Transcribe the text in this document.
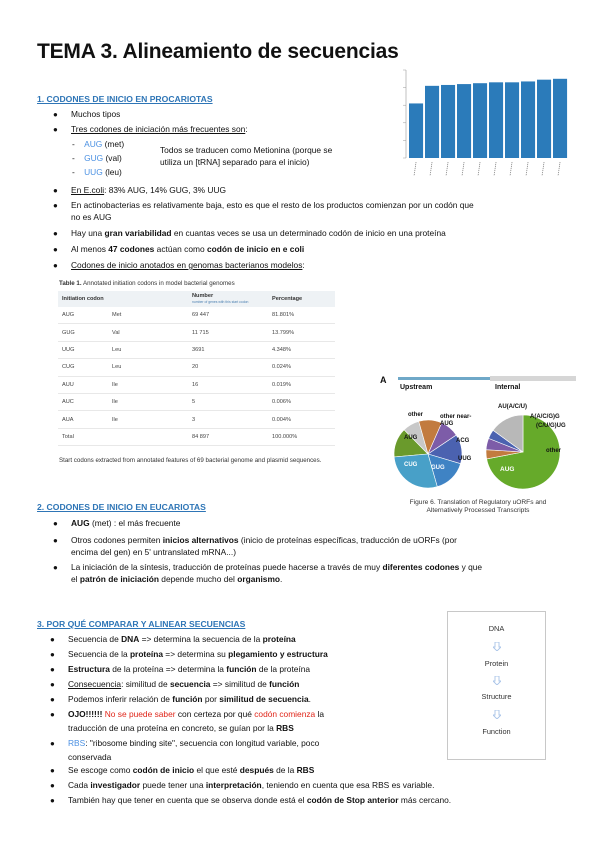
TEMA 3. Alineamiento de secuencias
1. CODONES DE INICIO EN PROCARIOTAS
● Muchos tipos
● Tres codones de iniciación más frecuentes son:
-    AUG (met)
-    GUG (val)
-    UUG (leu)
Todos se traducen como Metionina (porque se
utiliza un [tRNA] separado para el inicio)
● En E.coli: 83% AUG, 14% GUG, 3% UUG
● En actinobacterias es relativamente baja, esto es que el resto de los productos comienzan por un codón que
no es AUG
● Hay una gran variabilidad en cuantas veces se usa un determinado codón de inicio en una proteína
● Al menos 47 codones actúan como codón de inicio en e coli
● Codones de inicio anotados en genomas bacterianos modelos:
Table 1. Annotated initiation codons in model bacterial genomes
Initiation codon		Number
number of genes with this start codon	Percentage
AUG	Met	69 447	81.801%
GUG	Val	11 715	13.799%
UUG	Leu	3691	4.348%
CUG	Leu	20	0.024%
AUU	Ile	16	0.019%
AUC	Ile	5	0.006%
AUA	Ile	3	0.004%
Total		84 897	100.000%
Start codons extracted from annotated features of 69 bacterial genome and plasmid sequences.
A
Upstream	Internal
other	other near-AUG
ACG
UUG
AUG
CUG GUG
AU(A/C/U)
A(A/C/G)G
(C/U/G)UG
other
AUG
Figure 6. Translation of Regulatory uORFs and
Alternatively Processed Transcripts
2. CODONES DE INICIO EN EUCARIOTAS
● AUG (met) : el más frecuente
● Otros codones permiten inicios alternativos (inicio de proteínas específicas, traducción de uORFs (por
encima del gen) en 5' untranslated mRNA...)
● La iniciación de la síntesis, traducción de proteínas puede hacerse a través de muy diferentes codones y que
el patrón de iniciación depende mucho del organismo.
3. POR QUÉ COMPARAR Y ALINEAR SECUENCIAS
● Secuencia de DNA => determina la secuencia de la proteína
● Secuencia de la proteína => determina su plegamiento y estructura
● Estructura de la proteína => determina la función de la proteína
● Consecuencia: similitud de secuencia => similitud de función
● Podemos inferir relación de función por similitud de secuencia.
● OJO!!!!!! No se puede saber con certeza por qué codón comienza la
traducción de una proteína en concreto, se guían por la RBS
● RBS: "ribosome binding site", secuencia con longitud variable, poco
conservada
● Se escoge como codón de inicio el que esté después de la RBS
● Cada investigador puede tener una interpretación, teniendo en cuenta que esa RBS es variable.
● También hay que tener en cuenta que se observa donde está el codón de Stop anterior más cercano.
DNA
Protein
Structure
Function
